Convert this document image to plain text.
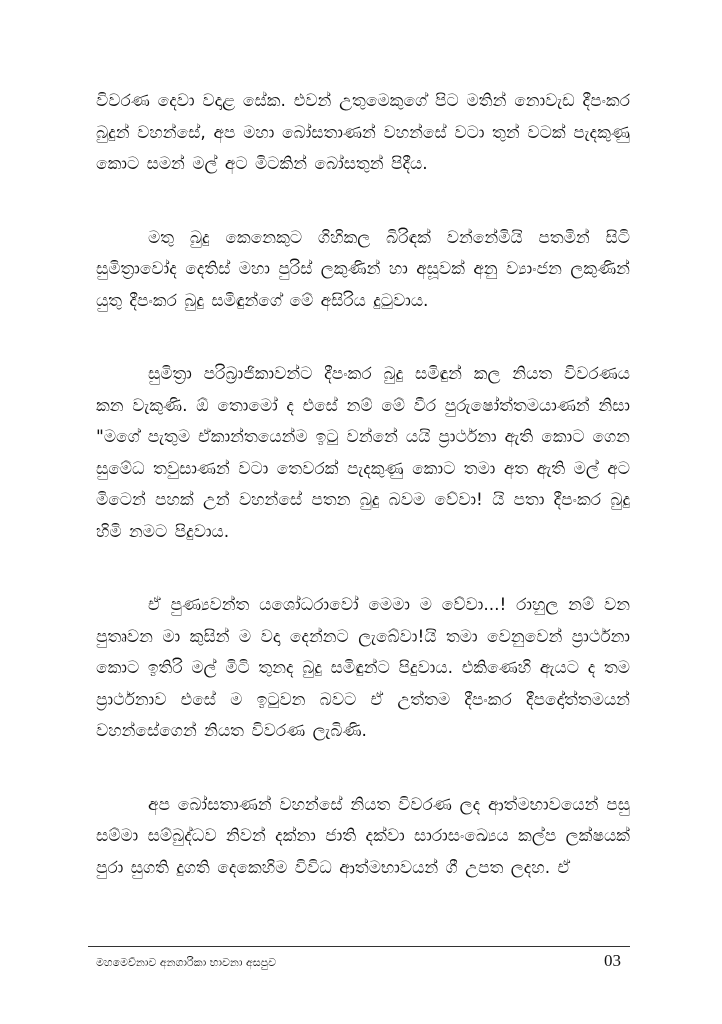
විවරණ දෙවා වදාළ සේක. එවන් උතුමෙකුගේ පිට මතින් නොවැඩ දීපංකර බුදුන් වහන්සේ, අප මහා බෝසතාණන් වහන්සේ වටා තුන් වටක් පැදකුණු කොට සමන් මල් අට මිටකින් බෝසතුන් පිදීය.

මතු බුදු කෙනෙකුට ගිහිකල බිරිඳක් වන්නේමියි පතමින් සිටි සුමිත්‍රාවෝද දෙතිස් මහා පුරිස් ලකුණින් හා අසූවක් අනු ව්‍යාංජන ලකුණින් යුතු දීපංකර බුදු සමිඳුන්ගේ මේ අසිරිය දුටුවාය.

සුමිත්‍රා පරිබ්‍රාජිකාවන්ට දීපංකර බුදු සමිඳුන් කල නියත විවරණය කන වැකුණි. ඕ තොමෝ ද එසේ නම් මේ වීර පුරුෂෝත්තමයාණන් නිසා "මගේ පැතුම ඒකාන්තයෙන්ම ඉටු වන්නේ යයි ප්‍රාර්ථනා ඇති කොට ගෙන සුමේධ තවුසාණන් වටා තෙවරක් පැදකුණු කොට තමා අත ඇති මල් අට මිටෙන් පහක් උන් වහන්සේ පතන බුදු බවම වේවා! යි පතා දීපංකර බුදු හිමි නමට පිදුවාය.

ඒ පුණ්‍යවන්ත යශෝධරාවෝ මෙමා ම වේවා...! රාහුල නම් වන පුත්‍රුවන මා කුසින් ම වදා දෙන්නට ලැබේවා!යි තමා වෙනුවෙන් ප්‍රාර්ථනා කොට ඉතිරි මල් මිටි තුනද බුදු සමිඳුන්ට පිදුවාය. එකිණෙහි ඇයට ද තම ප්‍රාර්ථනාව එසේ ම ඉටුවන බවට ඒ උත්තම දීපංකර දීපදෝත්තමයන් වහන්සේගෙන් නියත විවරණ ලැබිණි.

අප බෝසතාණන් වහන්සේ නියත විවරණ ලද ආත්මභාවයෙන් පසු සම්මා සම්බුද්ධව නිවන් දක්නා ජාති දක්වා සාරාසංඛ්‍යෙය කල්ප ලක්ෂයක් පුරා සුගති දුගති දෙකෙහිම විවිධ ආත්මභාවයන් ගී උපත ලදහ. ඒ

මහමෙව්නාව අනගාරිකා භාවනා අසපුව	03
